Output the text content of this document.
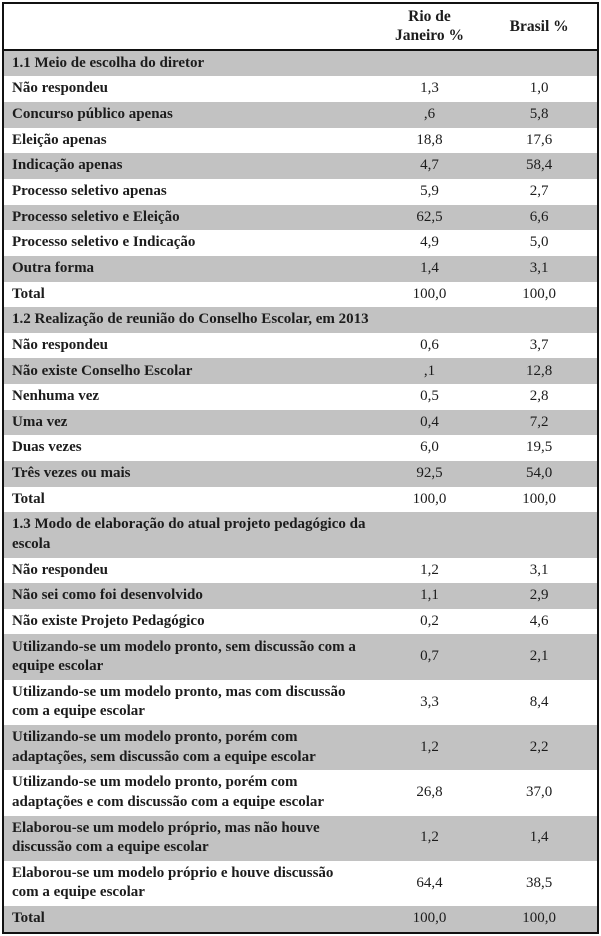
	Rio de Janeiro %	Brasil %

1.1 Meio de escolha do diretor		

Não respondeu	1,3	1,0
Concurso público apenas	,6	5,8
Eleição apenas	18,8	17,6
Indicação apenas	4,7	58,4
Processo seletivo apenas	5,9	2,7
Processo seletivo e Eleição	62,5	6,6
Processo seletivo e Indicação	4,9	5,0
Outra forma	1,4	3,1
Total	100,0	100,0

1.2 Realização de reunião do Conselho Escolar, em 2013		

Não respondeu	0,6	3,7
Não existe Conselho Escolar	,1	12,8
Nenhuma vez	0,5	2,8
Uma vez	0,4	7,2
Duas vezes	6,0	19,5
Três vezes ou mais	92,5	54,0
Total	100,0	100,0

1.3 Modo de elaboração do atual projeto pedagógico da escola		

Não respondeu	1,2	3,1
Não sei como foi desenvolvido	1,1	2,9
Não existe Projeto Pedagógico	0,2	4,6
Utilizando-se um modelo pronto, sem discussão com a equipe escolar	0,7	2,1
Utilizando-se um modelo pronto, mas com discussão com a equipe escolar	3,3	8,4
Utilizando-se um modelo pronto, porém com adaptações, sem discussão com a equipe escolar	1,2	2,2
Utilizando-se um modelo pronto, porém com adaptações e com discussão com a equipe escolar	26,8	37,0
Elaborou-se um modelo próprio, mas não houve discussão com a equipe escolar	1,2	1,4
Elaborou-se um modelo próprio e houve discussão com a equipe escolar	64,4	38,5
Total	100,0	100,0
